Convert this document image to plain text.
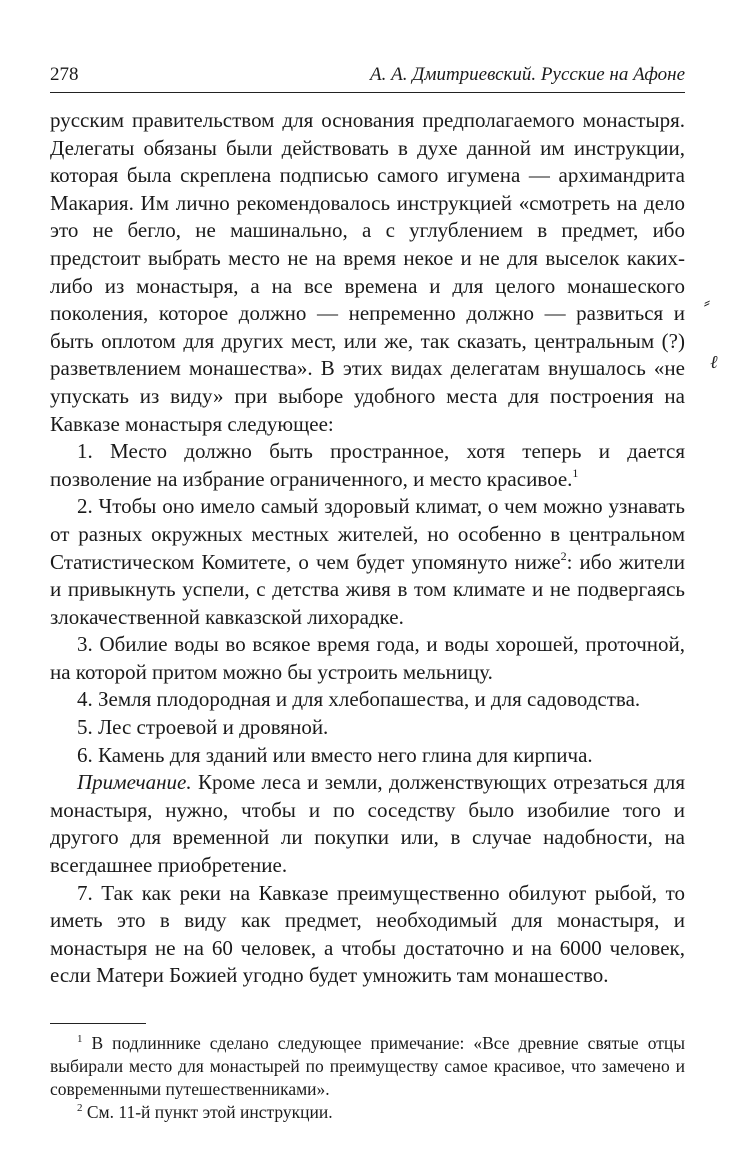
278	А. А. Дмитриевский. Русские на Афоне

русским правительством для основания предполагаемого монастыря. Делегаты обязаны были действовать в духе данной им инструкции, которая была скреплена подписью самого игумена — архимандрита Макария. Им лично рекомендовалось инструкцией «смотреть на дело это не бегло, не машинально, а с углублением в предмет, ибо предстоит выбрать место не на время некое и не для выселок каких-либо из монастыря, а на все времена и для целого монашеского поколения, которое должно — непременно должно — развиться и быть оплотом для других мест, или же, так сказать, центральным (?) разветвлением монашества». В этих видах делегатам внушалось «не упускать из виду» при выборе удобного места для построения на Кавказе монастыря следующее:

1. Место должно быть пространное, хотя теперь и дается позволение на избрание ограниченного, и место красивое.$^1$

2. Чтобы оно имело самый здоровый климат, о чем можно узнавать от разных окружных местных жителей, но особенно в центральном Статистическом Комитете, о чем будет упомянуто ниже$^2$: ибо жители и привыкнуть успели, с детства живя в том климате и не подвергаясь злокачественной кавказской лихорадке.

3. Обилие воды во всякое время года, и воды хорошей, проточной, на которой притом можно бы устроить мельницу.

4. Земля плодородная и для хлебопашества, и для садоводства.

5. Лес строевой и дровяной.

6. Камень для зданий или вместо него глина для кирпича.

Примечание. Кроме леса и земли, долженствующих отрезаться для монастыря, нужно, чтобы и по соседству было изобилие того и другого для временной ли покупки или, в случае надобности, на всегдашнее приобретение.

7. Так как реки на Кавказе преимущественно обилуют рыбой, то иметь это в виду как предмет, необходимый для монастыря, и монастыря не на 60 человек, а чтобы достаточно и на 6000 человек, если Матери Божией угодно будет умножить там монашество.

$^1$ В подлиннике сделано следующее примечание: «Все древние святые отцы выбирали место для монастырей по преимуществу самое красивое, что замечено и современными путешественниками».

$^2$ См. 11-й пункт этой инструкции.

⸗
ℓ
